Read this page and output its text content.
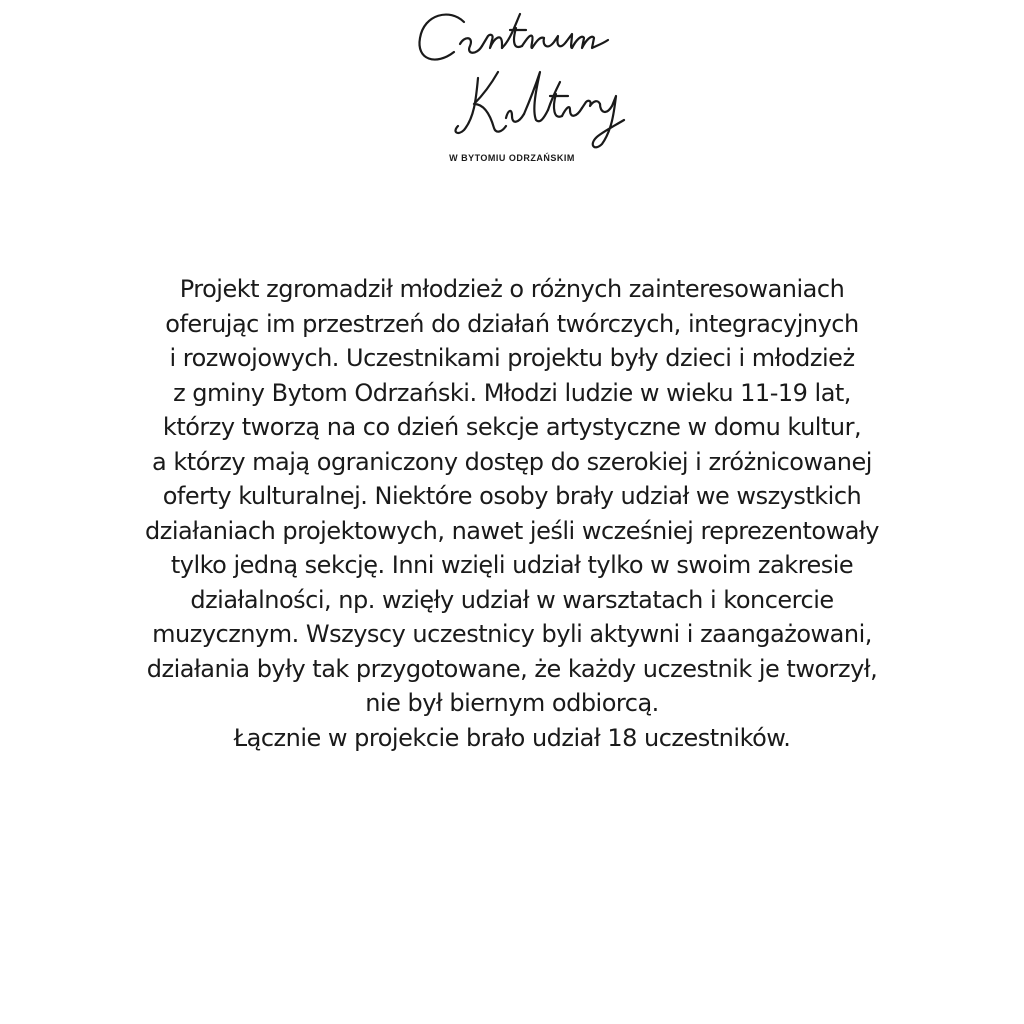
W BYTOMIU ODRZAŃSKIM

Projekt zgromadził młodzież o różnych zainteresowaniach
oferując im przestrzeń do działań twórczych, integracyjnych
i rozwojowych. Uczestnikami projektu były dzieci i młodzież
z gminy Bytom Odrzański. Młodzi ludzie w wieku 11-19 lat,
którzy tworzą na co dzień sekcje artystyczne w domu kultur,
a którzy mają ograniczony dostęp do szerokiej i zróżnicowanej
oferty kulturalnej. Niektóre osoby brały udział we wszystkich
działaniach projektowych, nawet jeśli wcześniej reprezentowały
tylko jedną sekcję. Inni wzięli udział tylko w swoim zakresie
działalności, np. wzięły udział w warsztatach i koncercie
muzycznym. Wszyscy uczestnicy byli aktywni i zaangażowani,
działania były tak przygotowane, że każdy uczestnik je tworzył,
nie był biernym odbiorcą.
Łącznie w projekcie brało udział 18 uczestników.
